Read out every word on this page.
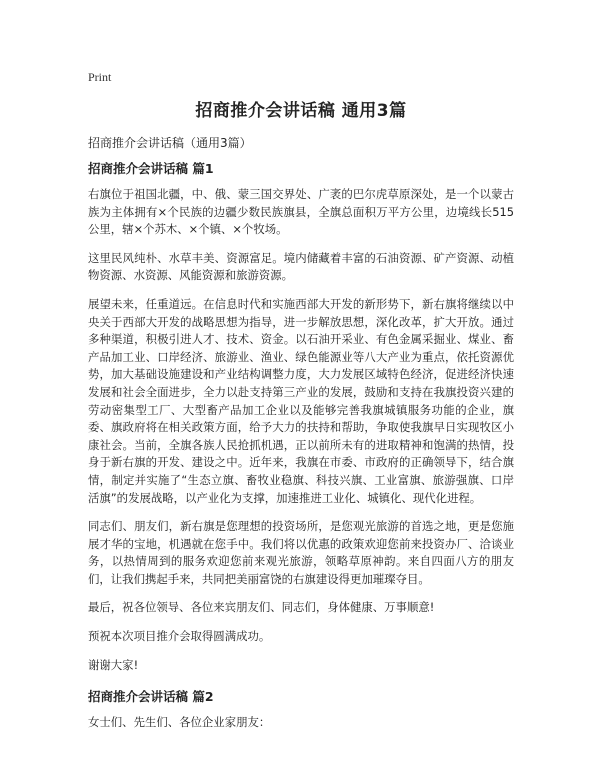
Print
招商推介会讲话稿 通用3篇

招商推介会讲话稿（通用3篇）

招商推介会讲话稿 篇1

右旗位于祖国北疆，中、俄、蒙三国交界处、广袤的巴尔虎草原深处，是一个以蒙古族为主体拥有×个民族的边疆少数民族旗县，全旗总面积万平方公里，边境线长515公里，辖×个苏木、×个镇、×个牧场。

这里民风纯朴、水草丰美、资源富足。境内储藏着丰富的石油资源、矿产资源、动植物资源、水资源、风能资源和旅游资源。

展望未来，任重道远。在信息时代和实施西部大开发的新形势下，新右旗将继续以中央关于西部大开发的战略思想为指导，进一步解放思想，深化改革，扩大开放。通过多种渠道，积极引进人才、技术、资金。以石油开采业、有色金属采掘业、煤业、畜产品加工业、口岸经济、旅游业、渔业、绿色能源业等八大产业为重点，依托资源优势，加大基础设施建设和产业结构调整力度，大力发展区域特色经济，促进经济快速发展和社会全面进步，全力以赴支持第三产业的发展，鼓励和支持在我旗投资兴建的劳动密集型工厂、大型畜产品加工企业以及能够完善我旗城镇服务功能的企业，旗委、旗政府将在相关政策方面，给予大力的扶持和帮助，争取使我旗早日实现牧区小康社会。当前，全旗各族人民抢抓机遇，正以前所未有的进取精神和饱满的热情，投身于新右旗的开发、建设之中。近年来，我旗在市委、市政府的正确领导下，结合旗情，制定并实施了“生态立旗、畜牧业稳旗、科技兴旗、工业富旗、旅游强旗、口岸活旗”的发展战略，以产业化为支撑，加速推进工业化、城镇化、现代化进程。

同志们、朋友们，新右旗是您理想的投资场所，是您观光旅游的首选之地，更是您施展才华的宝地，机遇就在您手中。我们将以优惠的政策欢迎您前来投资办厂、洽谈业务，以热情周到的服务欢迎您前来观光旅游，领略草原神韵。来自四面八方的朋友们，让我们携起手来，共同把美丽富饶的右旗建设得更加璀璨夺目。

最后，祝各位领导、各位来宾朋友们、同志们，身体健康、万事顺意!

预祝本次项目推介会取得圆满成功。

谢谢大家!

招商推介会讲话稿 篇2

女士们、先生们、各位企业家朋友：
